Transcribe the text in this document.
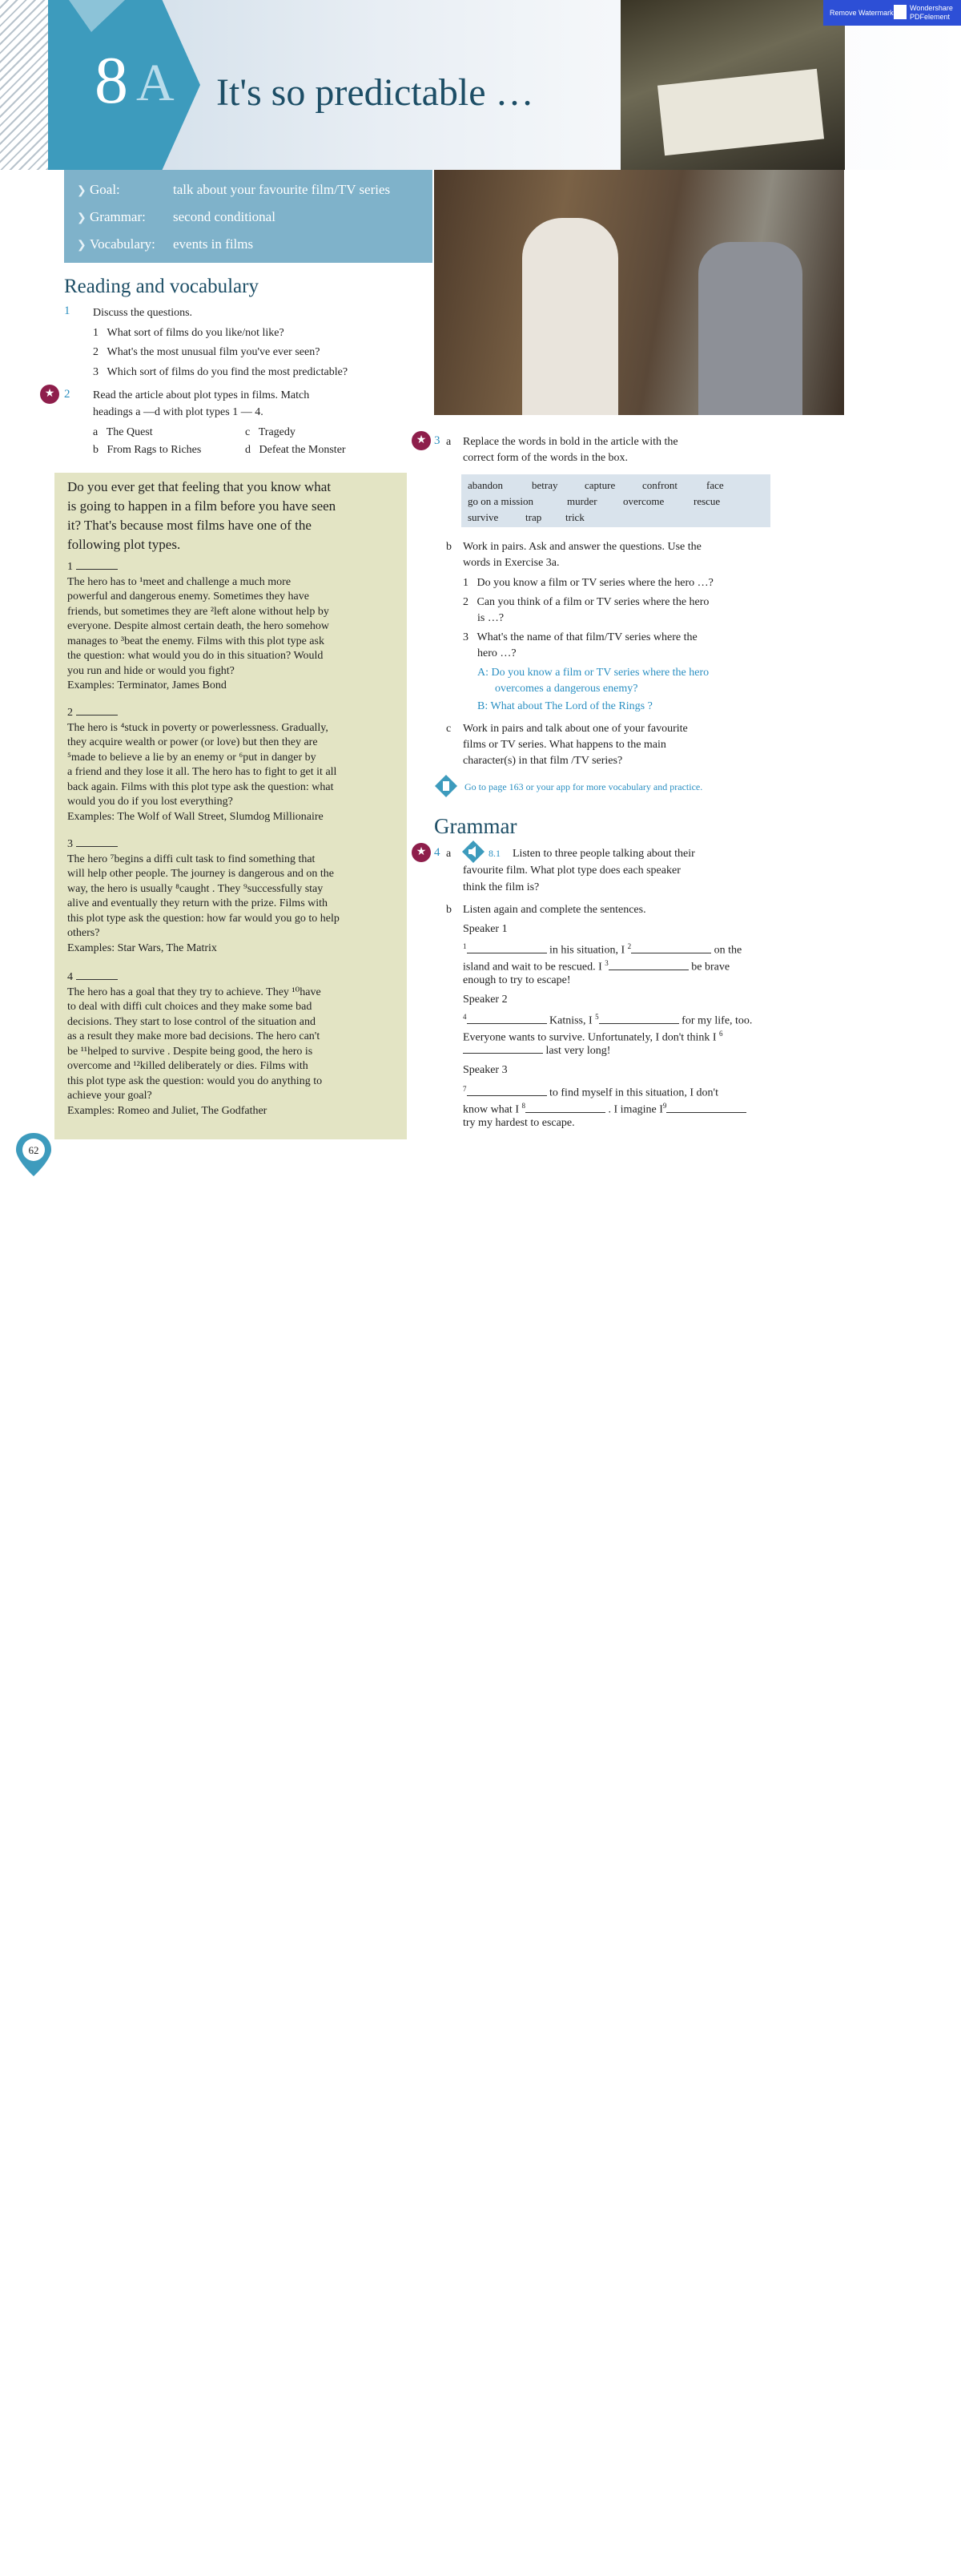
8 A It's so predictable …
Remove Watermark
Wondershare
PDFelement
❯ Goal:	talk about your favourite film/TV series
❯ Grammar: second conditional
❯ Vocabulary: events in films
Reading and vocabulary
1 Discuss the questions.
1 What sort of films do you like/not like?
2 What's the most unusual film you've ever seen?
3 Which sort of films do you find the most predictable?
★ 2 Read the article about plot types in films. Match
headings a —d with plot types 1 — 4.
a The Quest
b From Rags to Riches
c Tragedy
d Defeat the Monster
Do you ever get that feeling that you know what
is going to happen in a film before you have seen
it? That's because most films have one of the
following plot types.
1
The hero has to ¹meet and challenge a much more
powerful and dangerous enemy. Sometimes they have
friends, but sometimes they are ²left alone without help by
everyone. Despite almost certain death, the hero somehow
manages to ³beat the enemy. Films with this plot type ask
the question: what would you do in this situation? Would
you run and hide or would you fight?
Examples: Terminator, James Bond
2
The hero is ⁴stuck in poverty or powerlessness. Gradually,
they acquire wealth or power (or love) but then they are
⁵made to believe a lie by an enemy or ⁶put in danger by
a friend and they lose it all. The hero has to fight to get it all
back again. Films with this plot type ask the question: what
would you do if you lost everything?
Examples: The Wolf of Wall Street, Slumdog Millionaire
3
The hero ⁷begins a diffi cult task to find something that
will help other people. The journey is dangerous and on the
way, the hero is usually ⁸caught . They ⁹successfully stay
alive and eventually they return with the prize. Films with
this plot type ask the question: how far would you go to help
others?
Examples: Star Wars, The Matrix
4
The hero has a goal that they try to achieve. They ¹⁰have
to deal with diffi cult choices and they make some bad
decisions. They start to lose control of the situation and
as a result they make more bad decisions. The hero can't
be ¹¹helped to survive . Despite being good, the hero is
overcome and ¹²killed deliberately or dies. Films with
this plot type ask the question: would you do anything to
achieve your goal?
Examples: Romeo and Juliet, The Godfather
62
★ 3 a Replace the words in bold in the article with the
correct form of the words in the box.
abandon	betray	capture	confront	face
go on a mission	murder overcome	rescue
survive	trap trick
b Work in pairs. Ask and answer the questions. Use the
words in Exercise 3a.
1 Do you know a film or TV series where the hero …?
2 Can you think of a film or TV series where the hero
is …?
3 What's the name of that film/TV series where the
hero …?
A: Do you know a film or TV series where the hero
overcomes a dangerous enemy?
B: What about The Lord of the Rings ?
c Work in pairs and talk about one of your favourite
films or TV series. What happens to the main
character(s) in that film /TV series?
Go to page 163 or your app for more vocabulary and practice.
Grammar
★ 4 a	8.1 Listen to three people talking about their
favourite film. What plot type does each speaker
think the film is?
b Listen again and complete the sentences.
Speaker 1
$^1$	in his situation, I $^2$	on the
island and wait to be rescued. I $^3$	be brave
enough to try to escape!
Speaker 2
$^4$	Katniss, I $^5$	for my life, too.
Everyone wants to survive. Unfortunately, I don't think I $^6$
last very long!
Speaker 3
$^7$	to find myself in this situation, I don't
know what I $^8$	. I imagine $I^9$
try my hardest to escape.
